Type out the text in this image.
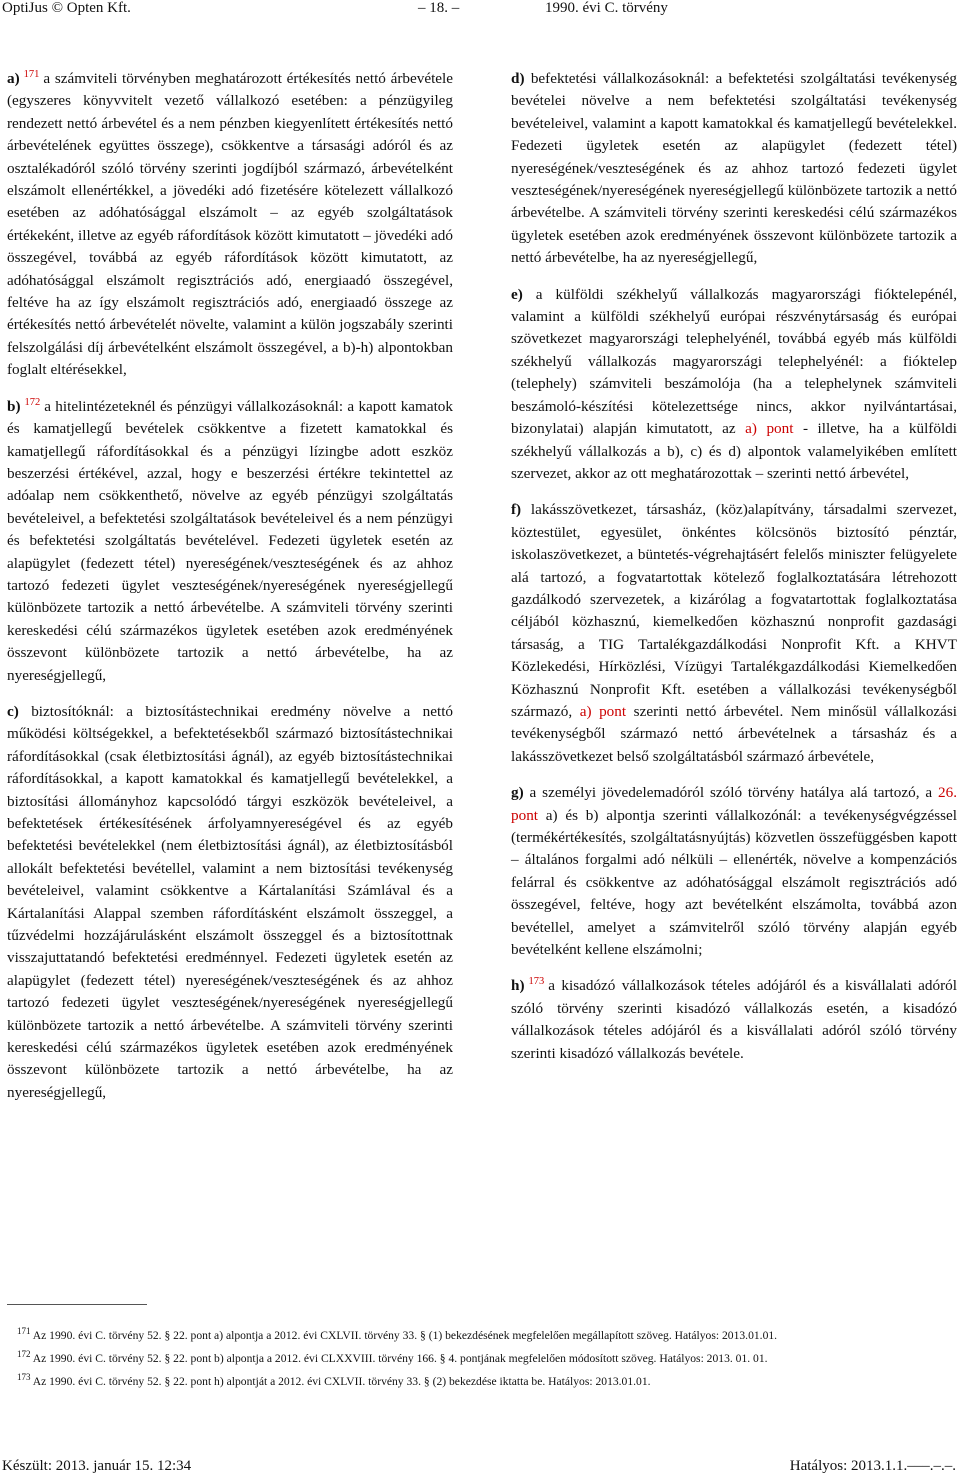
OptiJus © Opten Kft.	– 18. –	1990. évi C. törvény

a) $^{171}$ a számviteli törvényben meghatározott értékesítés nettó árbevétele (egyszeres könyvvitelt vezető vállalkozó esetében: a pénzügyileg rendezett nettó árbevétel és a nem pénzben kiegyenlített értékesítés nettó árbevételének együttes összege), csökkentve a társasági adóról és az osztalékadóról szóló törvény szerinti jogdíjból származó, árbevételként elszámolt ellenértékkel, a jövedéki adó fizetésére kötelezett vállalkozó esetében az adóhatósággal elszámolt – az egyéb szolgáltatások értékeként, illetve az egyéb ráfordítások között kimutatott – jövedéki adó összegével, továbbá az egyéb ráfordítások között kimutatott, az adóhatósággal elszámolt regisztrációs adó, energiaadó összegével, feltéve ha az így elszámolt regisztrációs adó, energiaadó összege az értékesítés nettó árbevételét növelte, valamint a külön jogszabály szerinti felszolgálási díj árbevételként elszámolt összegével, a b)-h) alpontokban foglalt eltérésekkel,

b) $^{172}$ a hitelintézeteknél és pénzügyi vállalkozásoknál: a kapott kamatok és kamatjellegű bevételek csökkentve a fizetett kamatokkal és kamatjellegű ráfordításokkal és a pénzügyi lízingbe adott eszköz beszerzési értékével, azzal, hogy e beszerzési értékre tekintettel az adóalap nem csökkenthető, növelve az egyéb pénzügyi szolgáltatás bevételeivel, a befektetési szolgáltatások bevételeivel és a nem pénzügyi és befektetési szolgáltatás bevételével. Fedezeti ügyletek esetén az alapügylet (fedezett tétel) nyereségének/veszteségének és az ahhoz tartozó fedezeti ügylet veszteségének/nyereségének nyereségjellegű különbözete tartozik a nettó árbevételbe. A számviteli törvény szerinti kereskedési célú származékos ügyletek esetében azok eredményének összevont különbözete tartozik a nettó árbevételbe, ha az nyereségjellegű,

c) biztosítóknál: a biztosítástechnikai eredmény növelve a nettó működési költségekkel, a befektetésekből származó biztosítástechnikai ráfordításokkal (csak életbiztosítási ágnál), az egyéb biztosítástechnikai ráfordításokkal, a kapott kamatokkal és kamatjellegű bevételekkel, a biztosítási állományhoz kapcsolódó tárgyi eszközök bevételeivel, a befektetések értékesítésének árfolyamnyereségével és az egyéb befektetési bevételekkel (nem életbiztosítási ágnál), az életbiztosításból allokált befektetési bevétellel, valamint a nem biztosítási tevékenység bevételeivel, valamint csökkentve a Kártalanítási Számlával és a Kártalanítási Alappal szemben ráfordításként elszámolt összeggel, a tűzvédelmi hozzájárulásként elszámolt összeggel és a biztosítottnak visszajuttatandó befektetési eredménnyel. Fedezeti ügyletek esetén az alapügylet (fedezett tétel) nyereségének/veszteségének és az ahhoz tartozó fedezeti ügylet veszteségének/nyereségének nyereségjellegű különbözete tartozik a nettó árbevételbe. A számviteli törvény szerinti kereskedési célú származékos ügyletek esetében azok eredményének összevont különbözete tartozik a nettó árbevételbe, ha az nyereségjellegű,

d) befektetési vállalkozásoknál: a befektetési szolgáltatási tevékenység bevételei növelve a nem befektetési szolgáltatási tevékenység bevételeivel, valamint a kapott kamatokkal és kamatjellegű bevételekkel. Fedezeti ügyletek esetén az alapügylet (fedezett tétel) nyereségének/veszteségének és az ahhoz tartozó fedezeti ügylet veszteségének/nyereségének nyereségjellegű különbözete tartozik a nettó árbevételbe. A számviteli törvény szerinti kereskedési célú származékos ügyletek esetében azok eredményének összevont különbözete tartozik a nettó árbevételbe, ha az nyereségjellegű,

e) a külföldi székhelyű vállalkozás magyarországi fióktelepénél, valamint a külföldi székhelyű európai részvénytársaság és európai szövetkezet magyarországi telephelyénél, továbbá egyéb más külföldi székhelyű vállalkozás magyarországi telephelyénél: a fióktelep (telephely) számviteli beszámolója (ha a telephelynek számviteli beszámoló-készítési kötelezettsége nincs, akkor nyilvántartásai, bizonylatai) alapján kimutatott, az a) pont - illetve, ha a külföldi székhelyű vállalkozás a b), c) és d) alpontok valamelyikében említett szervezet, akkor az ott meghatározottak – szerinti nettó árbevétel,

f) lakásszövetkezet, társasház, (köz)alapítvány, társadalmi szervezet, köztestület, egyesület, önkéntes kölcsönös biztosító pénztár, iskolaszövetkezet, a büntetés-végrehajtásért felelős miniszter felügyelete alá tartozó, a fogvatartottak kötelező foglalkoztatására létrehozott gazdálkodó szervezetek, a kizárólag a fogvatartottak foglalkoztatása céljából közhasznú, kiemelkedően közhasznú nonprofit gazdasági társaság, a TIG Tartalékgazdálkodási Nonprofit Kft. a KHVT Közlekedési, Hírközlési, Vízügyi Tartalékgazdálkodási Kiemelkedően Közhasznú Nonprofit Kft. esetében a vállalkozási tevékenységből származó, a) pont szerinti nettó árbevétel. Nem minősül vállalkozási tevékenységből származó nettó árbevételnek a társasház és a lakásszövetkezet belső szolgáltatásból származó árbevétele,

g) a személyi jövedelemadóról szóló törvény hatálya alá tartozó, a 26. pont a) és b) alpontja szerinti vállalkozónál: a tevékenységvégzéssel (termékértékesítés, szolgáltatásnyújtás) közvetlen összefüggésben kapott – általános forgalmi adó nélküli – ellenérték, növelve a kompenzációs felárral és csökkentve az adóhatósággal elszámolt regisztrációs adó összegével, feltéve, hogy azt bevételként elszámolta, továbbá azon bevétellel, amelyet a számvitelről szóló törvény alapján egyéb bevételként kellene elszámolni;

h) $^{173}$ a kisadózó vállalkozások tételes adójáról és a kisvállalati adóról szóló törvény szerinti kisadózó vállalkozás esetén, a kisadózó vállalkozások tételes adójáról és a kisvállalati adóról szóló törvény szerinti kisadózó vállalkozás bevétele.

$^{171}$ Az 1990. évi C. törvény 52. § 22. pont a) alpontja a 2012. évi CXLVII. törvény 33. § (1) bekezdésének megfelelően megállapított szöveg. Hatályos: 2013.01.01.

$^{172}$ Az 1990. évi C. törvény 52. § 22. pont b) alpontja a 2012. évi CLXXVIII. törvény 166. § 4. pontjának megfelelően módosított szöveg. Hatályos: 2013. 01. 01.

$^{173}$ Az 1990. évi C. törvény 52. § 22. pont h) alpontját a 2012. évi CXLVII. törvény 33. § (2) bekezdése iktatta be. Hatályos: 2013.01.01.

Készült: 2013. január 15. 12:34	Hatályos: 2013.1.1.–––.–.–.
